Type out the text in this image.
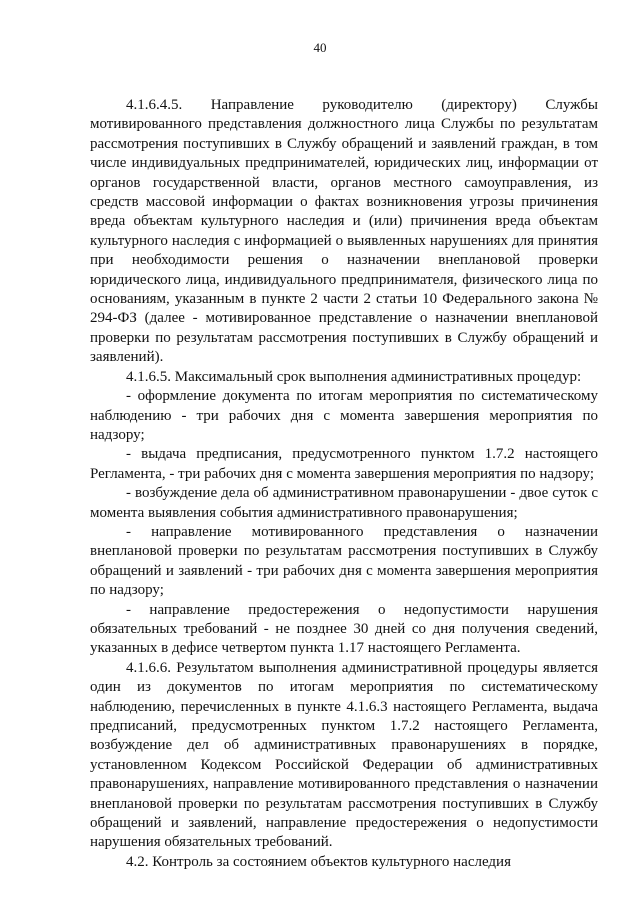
40

4.1.6.4.5. Направление руководителю (директору) Службы мотивированного представления должностного лица Службы по результатам рассмотрения поступивших в Службу обращений и заявлений граждан, в том числе индивидуальных предпринимателей, юридических лиц, информации от органов государственной власти, органов местного самоуправления, из средств массовой информации о фактах возникновения угрозы причинения вреда объектам культурного наследия и (или) причинения вреда объектам культурного наследия с информацией о выявленных нарушениях для принятия при необходимости решения о назначении внеплановой проверки юридического лица, индивидуального предпринимателя, физического лица по основаниям, указанным в пункте 2 части 2 статьи 10 Федерального закона № 294-ФЗ (далее - мотивированное представление о назначении внеплановой проверки по результатам рассмотрения поступивших в Службу обращений и заявлений).

4.1.6.5. Максимальный срок выполнения административных процедур:

- оформление документа по итогам мероприятия по систематическому наблюдению - три рабочих дня с момента завершения мероприятия по надзору;

- выдача предписания, предусмотренного пунктом 1.7.2 настоящего Регламента, - три рабочих дня с момента завершения мероприятия по надзору;

- возбуждение дела об административном правонарушении - двое суток с момента выявления события административного правонарушения;

- направление мотивированного представления о назначении внеплановой проверки по результатам рассмотрения поступивших в Службу обращений и заявлений - три рабочих дня с момента завершения мероприятия по надзору;

- направление предостережения о недопустимости нарушения обязательных требований - не позднее 30 дней со дня получения сведений, указанных в дефисе четвертом пункта 1.17 настоящего Регламента.

4.1.6.6. Результатом выполнения административной процедуры является один из документов по итогам мероприятия по систематическому наблюдению, перечисленных в пункте 4.1.6.3 настоящего Регламента, выдача предписаний, предусмотренных пунктом 1.7.2 настоящего Регламента, возбуждение дел об административных правонарушениях в порядке, установленном Кодексом Российской Федерации об административных правонарушениях, направление мотивированного представления о назначении внеплановой проверки по результатам рассмотрения поступивших в Службу обращений и заявлений, направление предостережения о недопустимости нарушения обязательных требований.

4.2. Контроль за состоянием объектов культурного наследия
